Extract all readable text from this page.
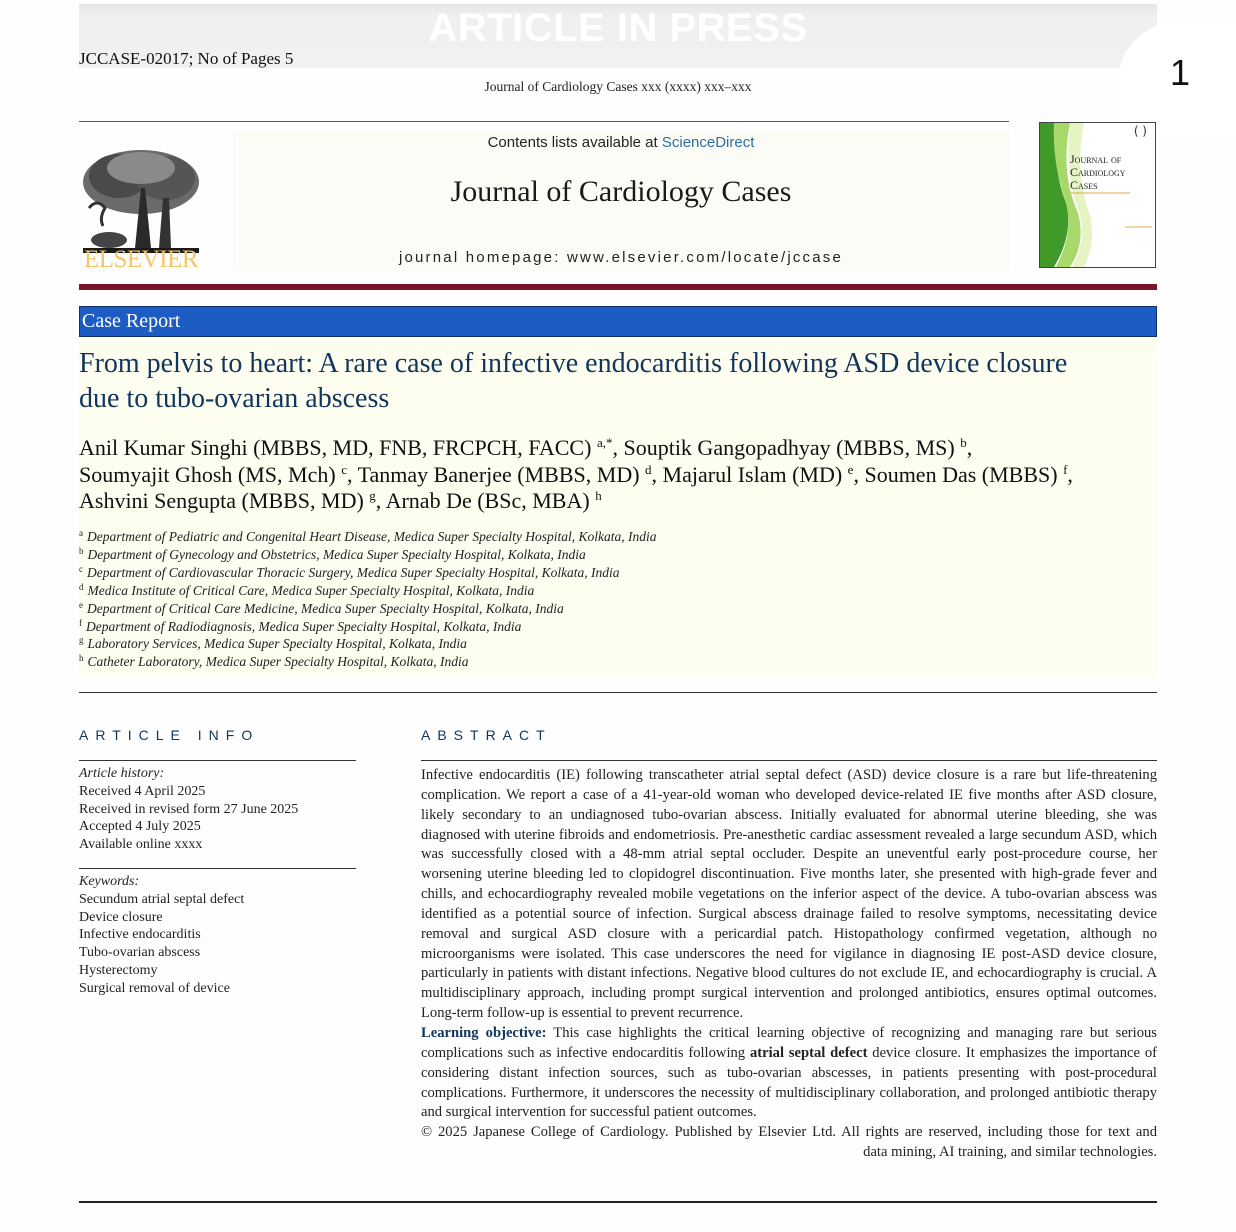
ARTICLE IN PRESS
JCCASE-02017; No of Pages 5	1
Journal of Cardiology Cases xxx (xxxx) xxx–xxx
ELSEVIER
Contents lists available at ScienceDirect
Journal of Cardiology Cases
journal homepage: www.elsevier.com/locate/jccase
( )
Journal of
Cardiology
Cases
Case Report
From pelvis to heart: A rare case of infective endocarditis following ASD device closure due to tubo-ovarian abscess
Anil Kumar Singhi (MBBS, MD, FNB, FRCPCH, FACC) $^{a,*}$, Souptik Gangopadhyay (MBBS, MS) $^b$,
Soumyajit Ghosh (MS, Mch) $^c$, Tanmay Banerjee (MBBS, MD) $^d$, Majarul Islam (MD) $^e$, Soumen Das (MBBS) $^f$,
Ashvini Sengupta (MBBS, MD) $^g$, Arnab De (BSc, MBA) $^h$
$^a$ Department of Pediatric and Congenital Heart Disease, Medica Super Specialty Hospital, Kolkata, India
$^b$ Department of Gynecology and Obstetrics, Medica Super Specialty Hospital, Kolkata, India
$^c$ Department of Cardiovascular Thoracic Surgery, Medica Super Specialty Hospital, Kolkata, India
$^d$ Medica Institute of Critical Care, Medica Super Specialty Hospital, Kolkata, India
$^e$ Department of Critical Care Medicine, Medica Super Specialty Hospital, Kolkata, India
$^f$ Department of Radiodiagnosis, Medica Super Specialty Hospital, Kolkata, India
$^g$ Laboratory Services, Medica Super Specialty Hospital, Kolkata, India
$^h$ Catheter Laboratory, Medica Super Specialty Hospital, Kolkata, India
ARTICLE INFO	ABSTRACT
Article history:
Received 4 April 2025
Received in revised form 27 June 2025
Accepted 4 July 2025
Available online xxxx
Keywords:
Secundum atrial septal defect
Device closure
Infective endocarditis
Tubo-ovarian abscess
Hysterectomy
Surgical removal of device

Infective endocarditis (IE) following transcatheter atrial septal defect (ASD) device closure is a rare but life-threatening complication. We report a case of a 41-year-old woman who developed device-related IE five months after ASD closure, likely secondary to an undiagnosed tubo-ovarian abscess. Initially evaluated for abnormal uterine bleeding, she was diagnosed with uterine fibroids and endometriosis. Pre-anesthetic cardiac assessment revealed a large secundum ASD, which was successfully closed with a 48-mm atrial septal occluder. Despite an uneventful early post-procedure course, her worsening uterine bleeding led to clopidogrel discontinuation. Five months later, she presented with high-grade fever and chills, and echocardiography revealed mobile vegetations on the inferior aspect of the device. A tubo-ovarian abscess was identified as a potential source of infection. Surgical abscess drainage failed to resolve symptoms, necessitating device removal and surgical ASD closure with a pericardial patch. Histopathology confirmed vegetation, although no microorganisms were isolated. This case underscores the need for vigilance in diagnosing IE post-ASD device closure, particularly in patients with distant infections. Negative blood cultures do not exclude IE, and echocardiography is crucial. A multidisciplinary approach, including prompt surgical intervention and prolonged antibiotics, ensures optimal outcomes. Long-term follow-up is essential to prevent recurrence.

Learning objective: This case highlights the critical learning objective of recognizing and managing rare but serious complications such as infective endocarditis following atrial septal defect device closure. It emphasizes the importance of considering distant infection sources, such as tubo-ovarian abscesses, in patients presenting with post-procedural complications. Furthermore, it underscores the necessity of multidisciplinary collaboration, and prolonged antibiotic therapy and surgical intervention for successful patient outcomes.

© 2025 Japanese College of Cardiology. Published by Elsevier Ltd. All rights are reserved, including those for text and

data mining, AI training, and similar technologies.
